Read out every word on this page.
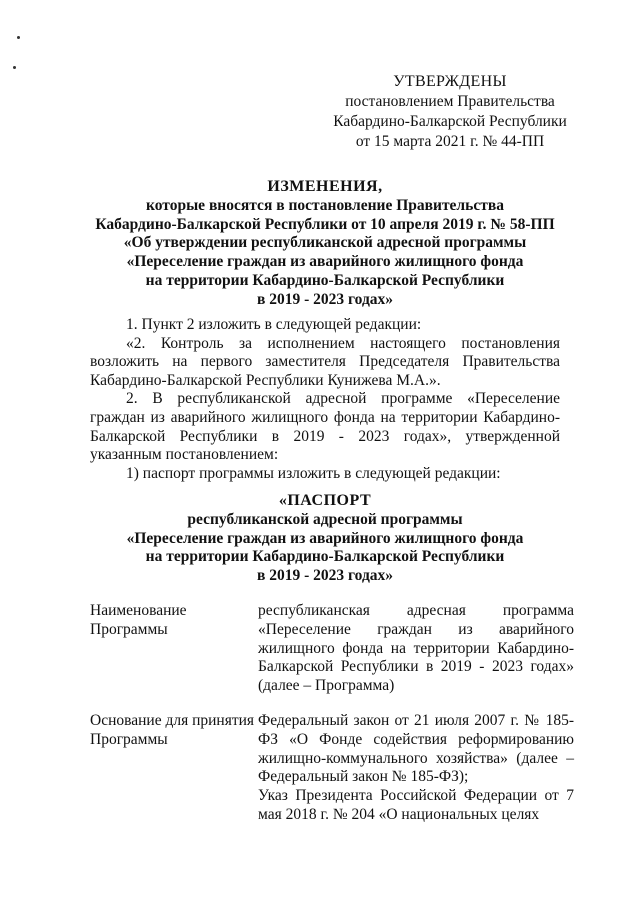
УТВЕРЖДЕНЫ
постановлением Правительства
Кабардино-Балкарской Республики
от 15 марта 2021 г. № 44-ПП
ИЗМЕНЕНИЯ,
которые вносятся в постановление Правительства
Кабардино-Балкарской Республики от 10 апреля 2019 г. № 58-ПП
«Об утверждении республиканской адресной программы
«Переселение граждан из аварийного жилищного фонда
на территории Кабардино-Балкарской Республики
в 2019 - 2023 годах»

1. Пункт 2 изложить в следующей редакции:

«2. Контроль за исполнением настоящего постановления возложить на первого заместителя Председателя Правительства Кабардино-Балкарской Республики Кунижева М.А.».

2. В республиканской адресной программе «Переселение граждан из аварийного жилищного фонда на территории Кабардино-Балкарской Республики в 2019 - 2023 годах», утвержденной указанным постановлением:

1) паспорт программы изложить в следующей редакции:

«ПАСПОРТ
республиканской адресной программы
«Переселение граждан из аварийного жилищного фонда
на территории Кабардино-Балкарской Республики
в 2019 - 2023 годах»
Наименование Программы

республиканская адресная программа «Переселение граждан из аварийного жилищного фонда на территории Кабардино-Балкарской Республики в 2019 - 2023 годах» (далее – Программа)

Основание для принятия Программы

Федеральный закон от 21 июля 2007 г. № 185-ФЗ «О Фонде содействия реформированию жилищно-коммунального хозяйства» (далее – Федеральный закон № 185-ФЗ);

Указ Президента Российской Федерации от 7 мая 2018 г. № 204 «О национальных целях
